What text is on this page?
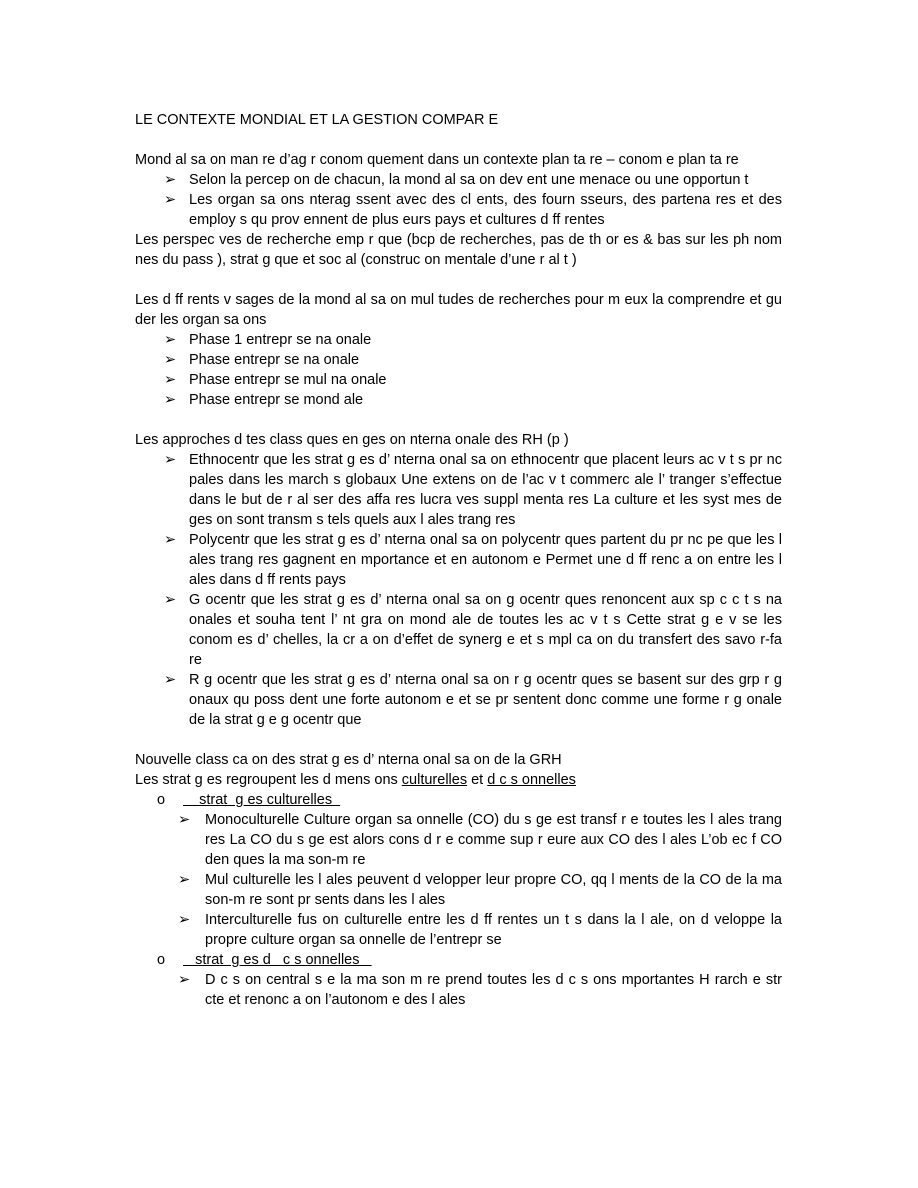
LE CONTEXTE MONDIAL ET LA GESTION COMPAR E

Mond al sa on man re d’ag r conom quement dans un contexte plan ta re – conom e plan ta re

➢ Selon la percep on de chacun, la mond al sa on dev ent une menace ou une opportun t
➢ Les organ sa ons nterag ssent avec des cl ents, des fourn sseurs, des partena res et des employ s qu prov ennent de plus eurs pays et cultures d ff rentes

Les perspec ves de recherche emp r que (bcp de recherches, pas de th or es & bas sur les ph nom nes du pass ), strat g que et soc al (construc on mentale d’une r al t )

Les d ff rents v sages de la mond al sa on mul tudes de recherches pour m eux la comprendre et gu der les organ sa ons

➢ Phase 1 entrepr se na onale
➢ Phase entrepr se na onale
➢ Phase entrepr se mul na onale
➢ Phase entrepr se mond ale

Les approches d tes class ques en ges on nterna onale des RH (p )

➢ Ethnocentr que les strat g es d’ nterna onal sa on ethnocentr que placent leurs ac v t s pr nc pales dans les march s globaux Une extens on de l’ac v t commerc ale l’ tranger s’effectue dans le but de r al ser des affa res lucra ves suppl menta res La culture et les syst mes de ges on sont transm s tels quels aux l ales trang res
➢ Polycentr que les strat g es d’ nterna onal sa on polycentr ques partent du pr nc pe que les l ales trang res gagnent en mportance et en autonom e Permet une d ff renc a on entre les l ales dans d ff rents pays
➢ G ocentr que les strat g es d’ nterna onal sa on g ocentr ques renoncent aux sp c c t s na onales et souha tent l’ nt gra on mond ale de toutes les ac v t s Cette strat g e v se les conom es d’ chelles, la cr a on d’effet de synerg e et s mpl ca on du transfert des savo r-fa re
➢ R g ocentr que les strat g es d’ nterna onal sa on r g ocentr ques se basent sur des grp r g onaux qu poss dent une forte autonom e et se pr sentent donc comme une forme r g onale de la strat g e g ocentr que

Nouvelle class ca on des strat g es d’ nterna onal sa on de la GRH

Les strat g es regroupent les d mens ons culturelles et d c s onnelles

o strat  g es culturelles
➢ Monoculturelle Culture organ sa onnelle (CO) du s ge est transf r e toutes les l ales trang res La CO du s ge est alors cons d r e comme sup r eure aux CO des l ales L’ob ec f CO den ques la ma son-m re
➢ Mul culturelle les l ales peuvent d velopper leur propre CO, qq l ments de la CO de la ma son-m re sont pr sents dans les l ales
➢ Interculturelle fus on culturelle entre les d ff rentes un t s dans la l ale, on d veloppe la propre culture organ sa onnelle de l’entrepr se
o strat  g es d   c s onnelles
➢ D c s on central s e la ma son m re prend toutes les d c s ons mportantes H rarch e str cte et renonc a on l’autonom e des l ales
